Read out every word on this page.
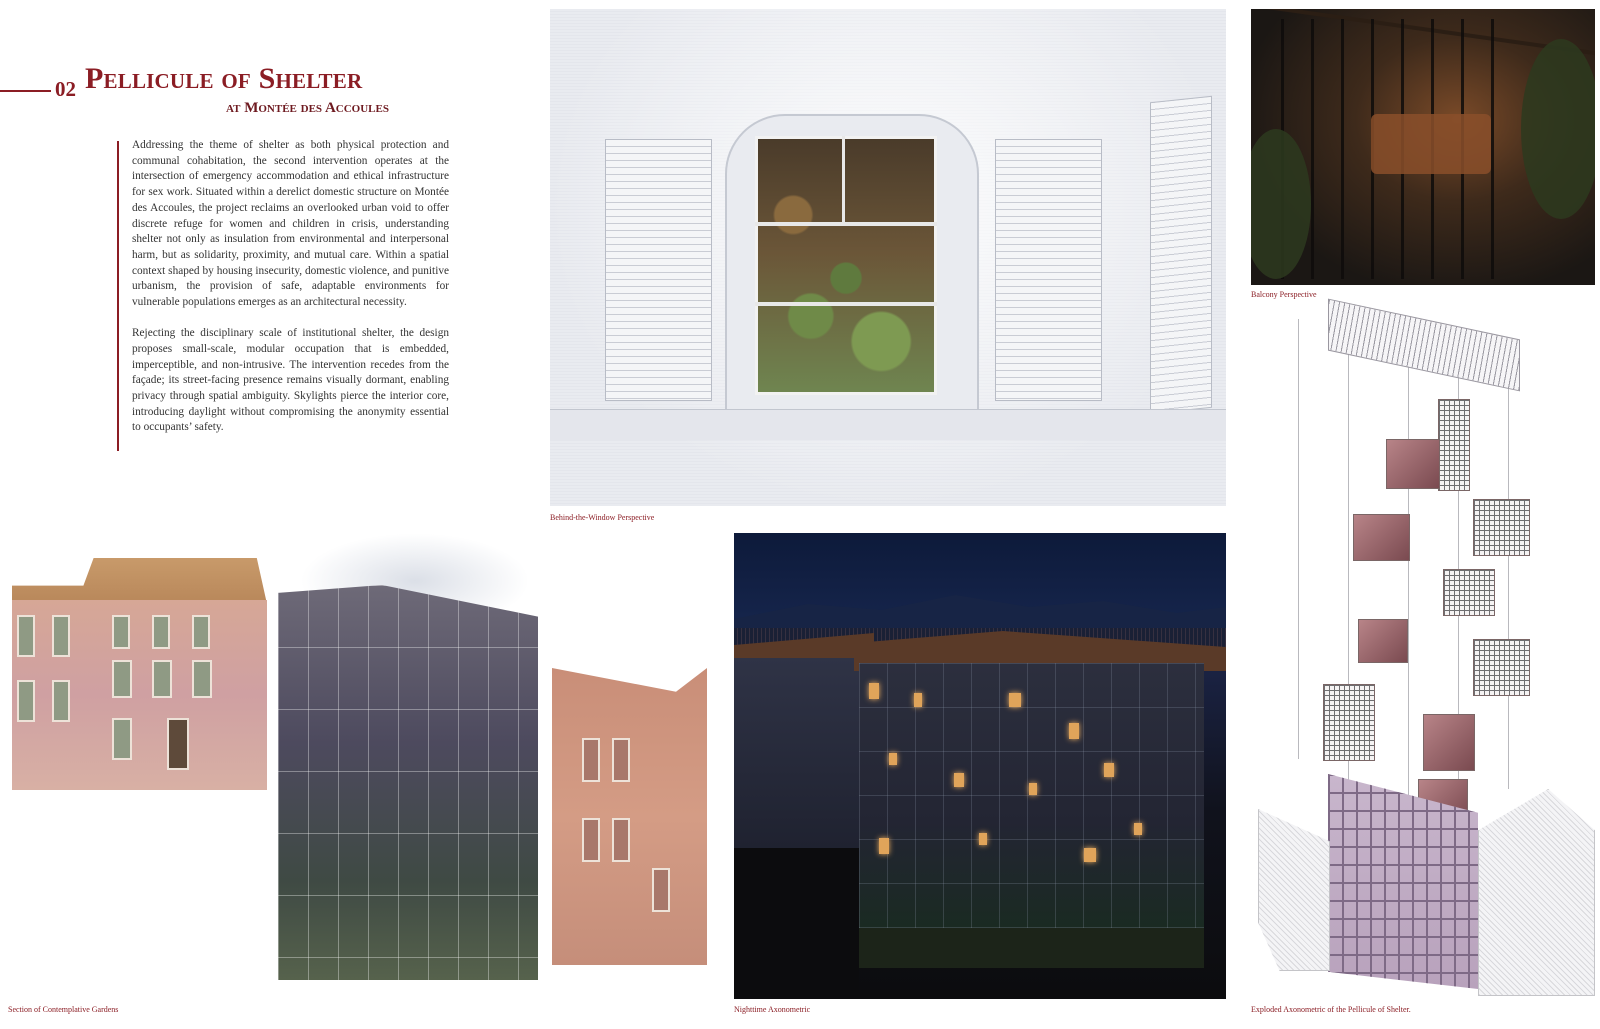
02 Pellicule of Shelter
at Montée des Accoules

Addressing the theme of shelter as both physical protection and communal cohabitation, the second intervention operates at the intersection of emergency accommodation and ethical infrastructure for sex work. Situated within a derelict domestic structure on Montée des Accoules, the project reclaims an overlooked urban void to offer discrete refuge for women and children in crisis, understanding shelter not only as insulation from environmental and interpersonal harm, but as solidarity, proximity, and mutual care. Within a spatial context shaped by housing insecurity, domestic violence, and punitive urbanism, the provision of safe, adaptable environments for vulnerable populations emerges as an architectural necessity.

Rejecting the disciplinary scale of institutional shelter, the design proposes small-scale, modular occupation that is embedded, imperceptible, and non-intrusive. The intervention recedes from the façade; its street-facing presence remains visually dormant, enabling privacy through spatial ambiguity. Skylights pierce the interior core, introducing daylight without compromising the anonymity essential to occupants’ safety.

Behind-the-Window Perspective
Balcony Perspective
Section of Contemplative Gardens	Nighttime Axonometric	Exploded Axonometric of the Pellicule of Shelter.
